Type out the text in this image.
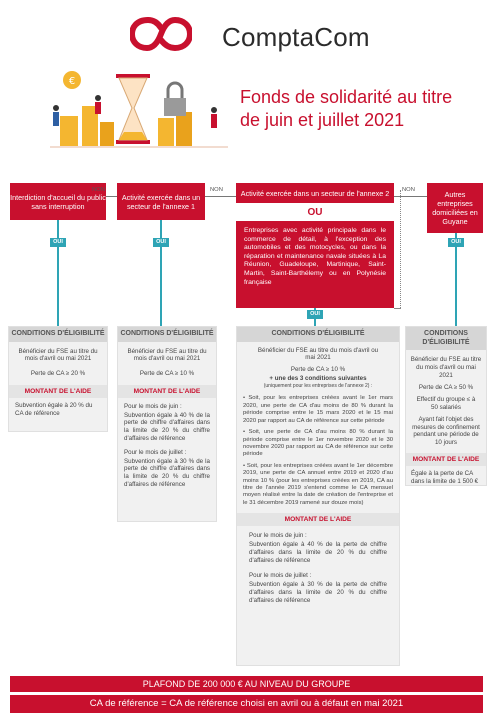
ComptaCom
€
Fonds de solidarité au titre
de juin et juillet 2021
Interdiction d'accueil du public sans interruption
Activité exercée dans un secteur de l'annexe 1
Activité exercée dans un secteur de l'annexe 2
OU
Entreprises avec activité principale dans le commerce de détail, à l'exception des automobiles et des motocycles, ou dans la réparation et maintenance navale situées à La Réunion, Guadeloupe, Martinique, Saint-Martin, Saint-Barthélemy ou en Polynésie française
Autres entreprises domiciliées en Guyane
NON	NON	NON
OUI	OUI
OUI
OUI
CONDITIONS D'ÉLIGIBILITÉ
Bénéficier du FSE au titre du mois d'avril ou mai 2021
Perte de CA ≥ 20 %
MONTANT DE L'AIDE
Subvention égale à 20 % du CA de référence
CONDITIONS D'ÉLIGIBILITÉ
Bénéficier du FSE au titre du mois d'avril ou mai 2021
Perte de CA ≥ 10 %
MONTANT DE L'AIDE
Pour le mois de juin :
Subvention égale à 40 % de la perte de chiffre d'affaires dans la limite de 20 % du chiffre d'affaires de référence
Pour le mois de juillet :
Subvention égale à 30 % de la perte de chiffre d'affaires dans la limite de 20 % du chiffre d'affaires de référence
CONDITIONS D'ÉLIGIBILITÉ
Bénéficier du FSE au titre du mois d'avril ou mai 2021
Perte de CA ≥ 10 %
+ une des 3 conditions suivantes
(uniquement pour les entreprises de l'annexe 2) :
• Soit, pour les entreprises créées avant le 1er mars 2020, une perte de CA d'au moins de 80 % durant la période comprise entre le 15 mars 2020 et le 15 mai 2020 par rapport au CA de référence sur cette période
• Soit, une perte de CA d'au moins 80 % durant la période comprise entre le 1er novembre 2020 et le 30 novembre 2020 par rapport au CA de référence sur cette période
• Soit, pour les entreprises créées avant le 1er décembre 2019, une perte de CA annuel entre 2019 et 2020 d'au moins 10 % (pour les entreprises créées en 2019, CA au titre de l'année 2019 s'entend comme le CA mensuel moyen réalisé entre la date de création de l'entreprise et le 31 décembre 2019 ramené sur douze mois)
MONTANT DE L'AIDE
Pour le mois de juin :
Subvention égale à 40 % de la perte de chiffre d'affaires dans la limite de 20 % du chiffre d'affaires de référence
Pour le mois de juillet :
Subvention égale à 30 % de la perte de chiffre d'affaires dans la limite de 20 % du chiffre d'affaires de référence
CONDITIONS D'ÉLIGIBILITÉ
Bénéficier du FSE au titre du mois d'avril ou mai 2021
Perte de CA ≥ 50 %
Effectif du groupe ≤ à 50 salariés
Ayant fait l'objet des mesures de confinement pendant une période de 10 jours
MONTANT DE L'AIDE
Égale à la perte de CA dans la limite de 1 500 €
PLAFOND DE 200 000 € AU NIVEAU DU GROUPE
CA de référence = CA de référence choisi en avril ou à défaut en mai 2021
